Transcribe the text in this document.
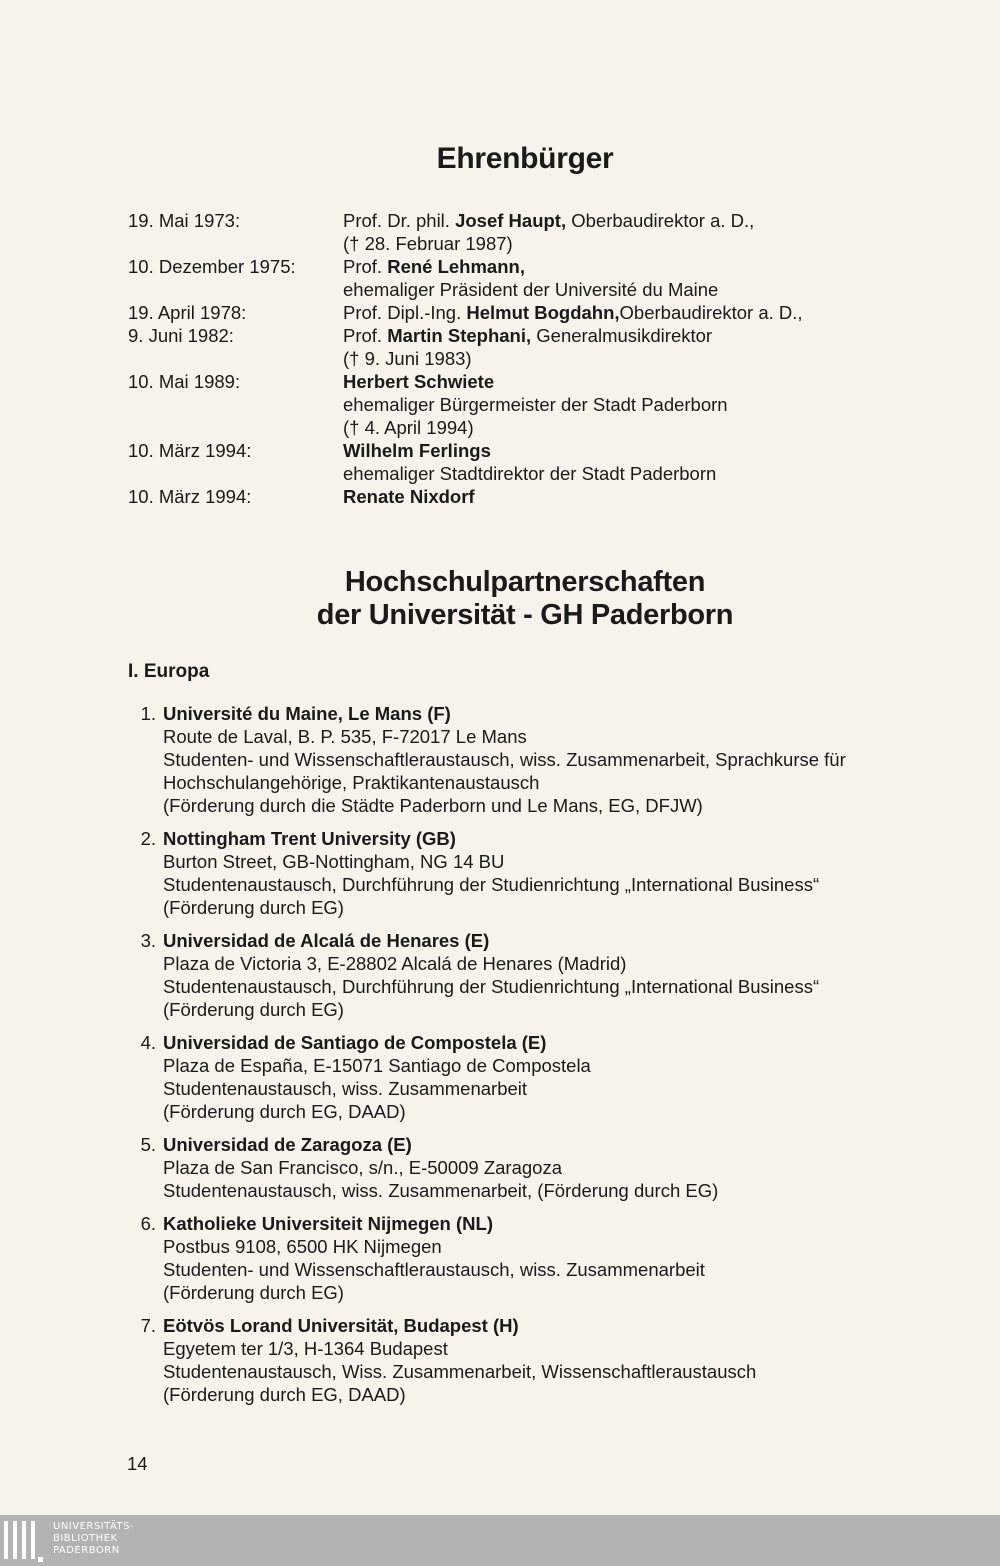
Ehrenbürger
19. Mai 1973:	Prof. Dr. phil. Josef Haupt, Oberbaudirektor a. D.,
(† 28. Februar 1987)
10. Dezember 1975:	Prof. René Lehmann,
ehemaliger Präsident der Université du Maine
19. April 1978:	Prof. Dipl.-Ing. Helmut Bogdahn,Oberbaudirektor a. D.,
9. Juni 1982:	Prof. Martin Stephani, Generalmusikdirektor
(† 9. Juni 1983)
10. Mai 1989:	Herbert Schwiete
ehemaliger Bürgermeister der Stadt Paderborn
(† 4. April 1994)
10. März 1994:	Wilhelm Ferlings
ehemaliger Stadtdirektor der Stadt Paderborn
10. März 1994:	Renate Nixdorf
Hochschulpartnerschaften
der Universität - GH Paderborn
I. Europa
1. Université du Maine, Le Mans (F)
Route de Laval, B. P. 535, F-72017 Le Mans
Studenten- und Wissenschaftleraustausch, wiss. Zusammenarbeit, Sprachkurse für
Hochschulangehörige, Praktikantenaustausch
(Förderung durch die Städte Paderborn und Le Mans, EG, DFJW)
2. Nottingham Trent University (GB)
Burton Street, GB-Nottingham, NG 14 BU
Studentenaustausch, Durchführung der Studienrichtung „International Business“
(Förderung durch EG)
3. Universidad de Alcalá de Henares (E)
Plaza de Victoria 3, E-28802 Alcalá de Henares (Madrid)
Studentenaustausch, Durchführung der Studienrichtung „International Business“
(Förderung durch EG)
4. Universidad de Santiago de Compostela (E)
Plaza de España, E-15071 Santiago de Compostela
Studentenaustausch, wiss. Zusammenarbeit
(Förderung durch EG, DAAD)
5. Universidad de Zaragoza (E)
Plaza de San Francisco, s/n., E-50009 Zaragoza
Studentenaustausch, wiss. Zusammenarbeit, (Förderung durch EG)
6. Katholieke Universiteit Nijmegen (NL)
Postbus 9108, 6500 HK Nijmegen
Studenten- und Wissenschaftleraustausch, wiss. Zusammenarbeit
(Förderung durch EG)
7. Eötvös Lorand Universität, Budapest (H)
Egyetem ter 1/3, H-1364 Budapest
Studentenaustausch, Wiss. Zusammenarbeit, Wissenschaftleraustausch
(Förderung durch EG, DAAD)
14
UNIVERSITÄTS-
BIBLIOTHEK
PADERBORN
